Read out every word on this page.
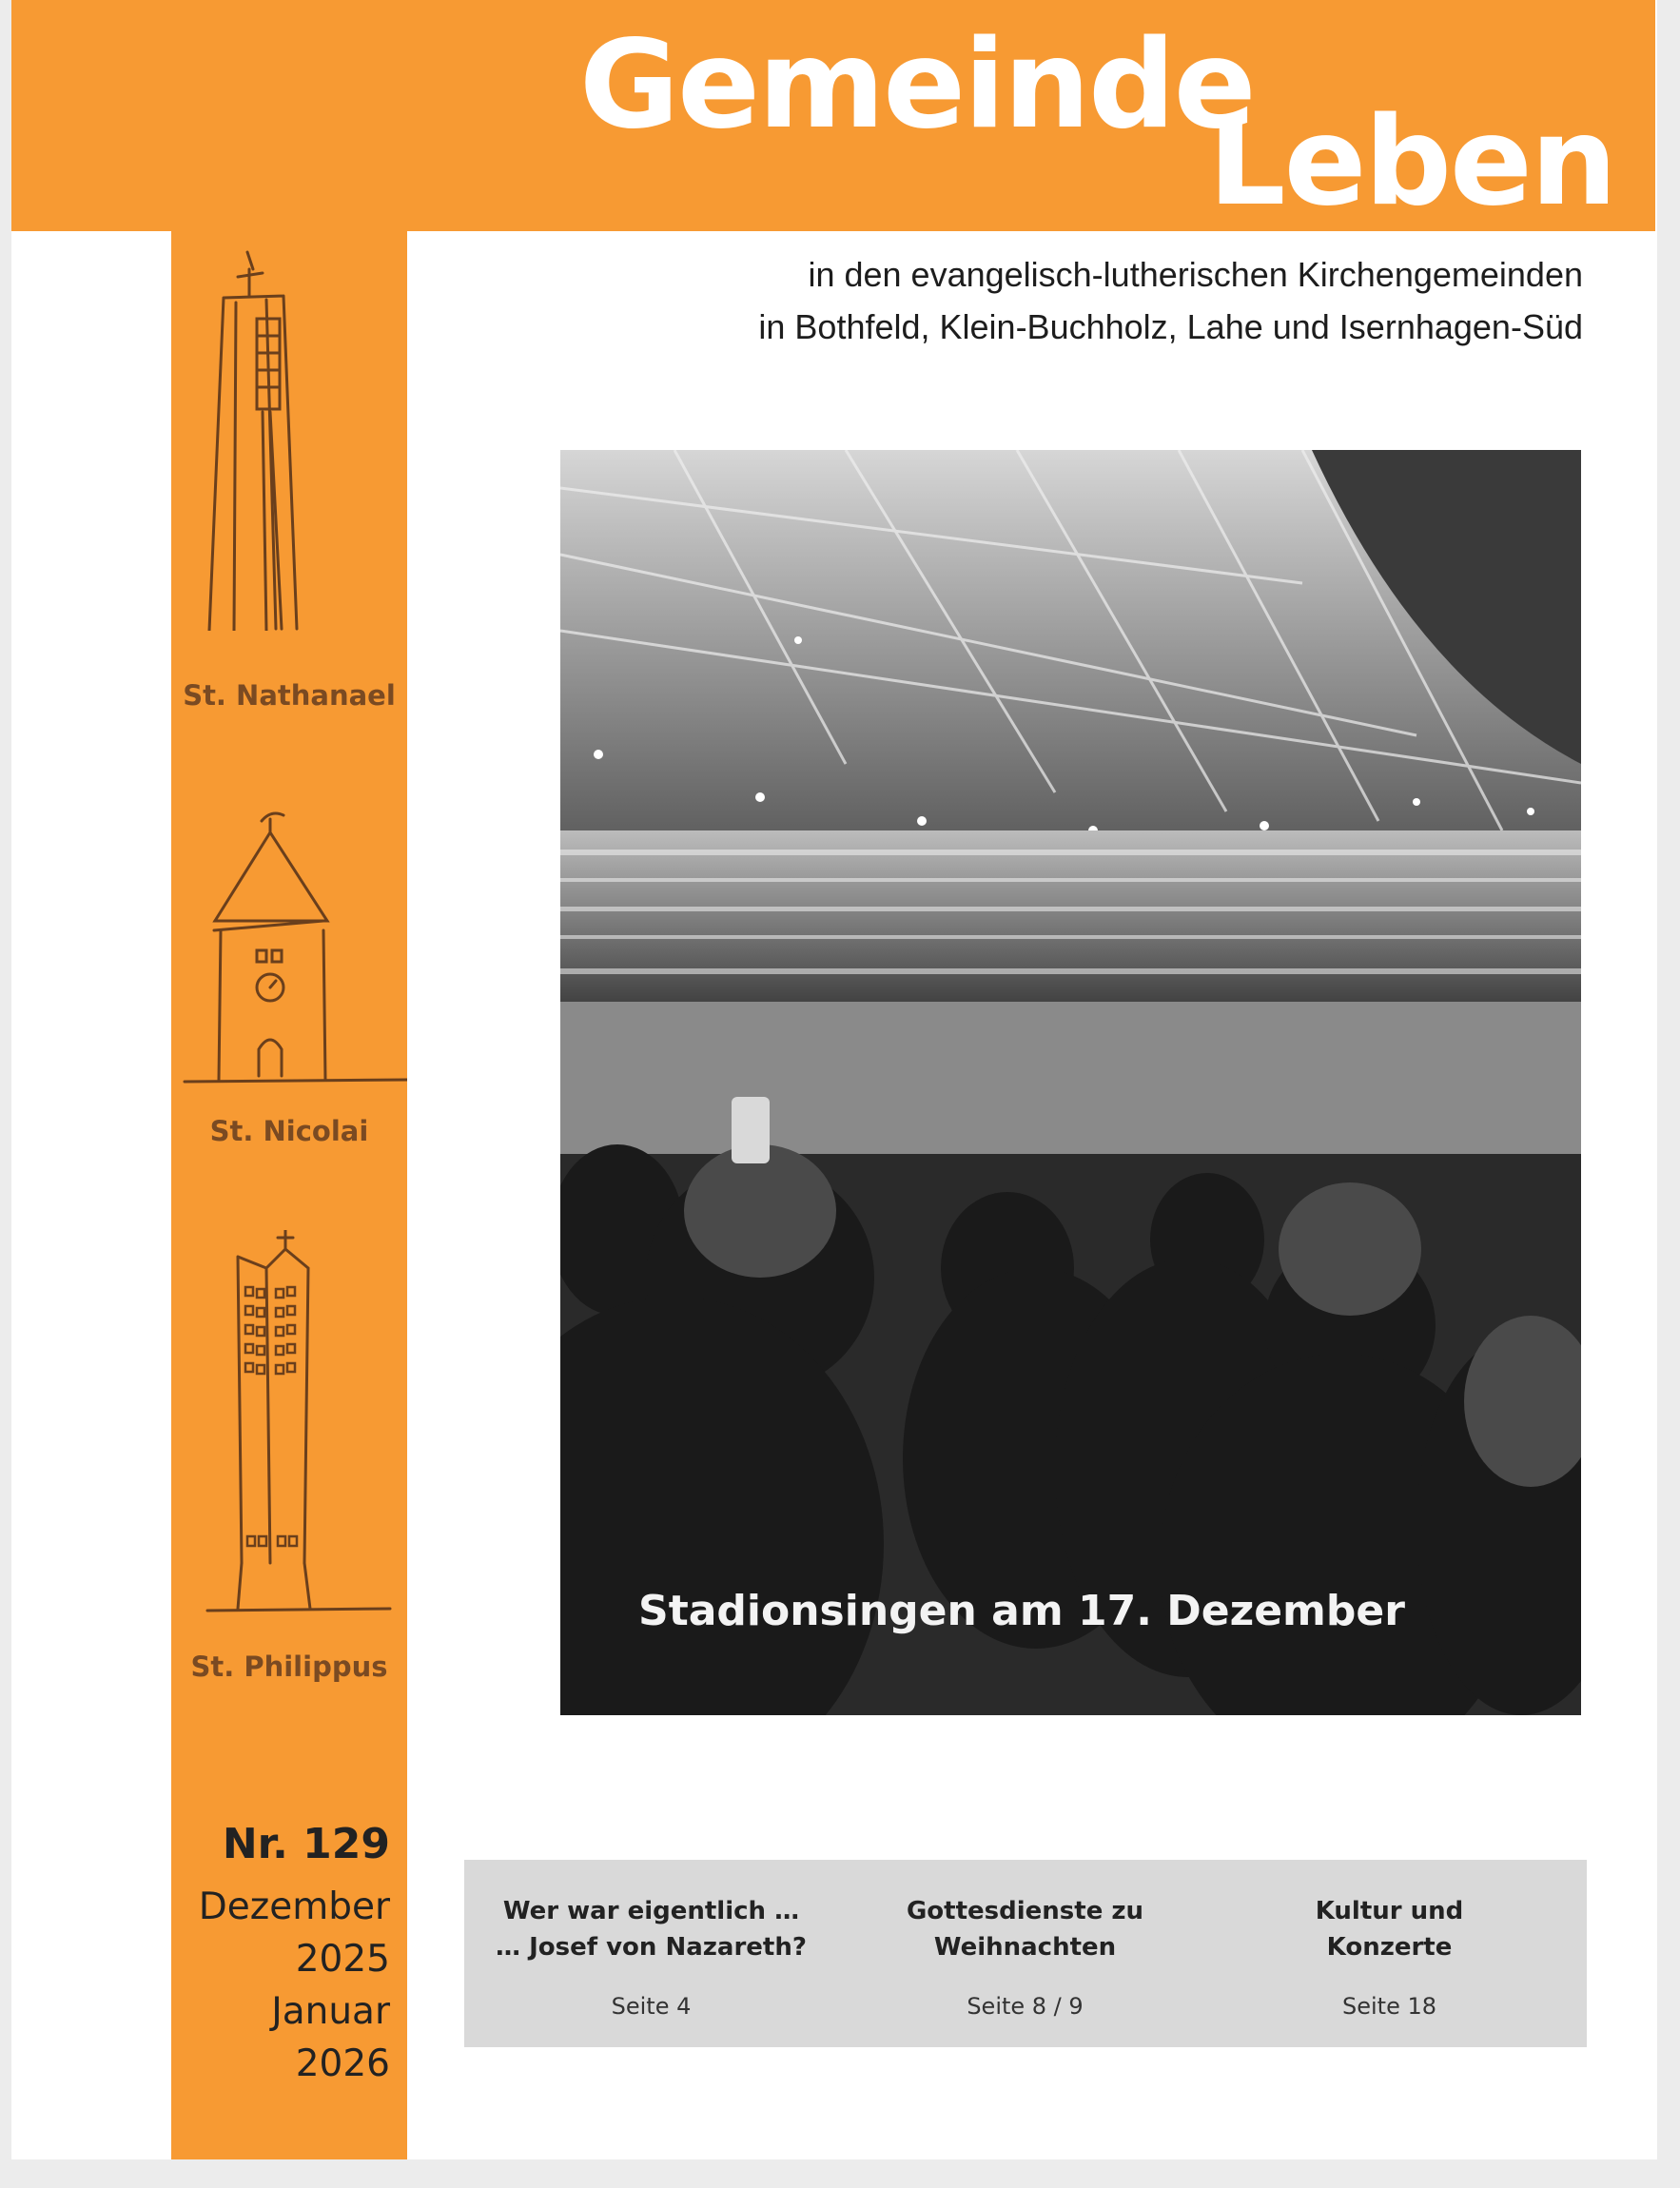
Gemeinde
Leben
St. Nathanael
St. Nicolai
St. Philippus
Nr. 129
Dezember
2025
Januar
2026
in den evangelisch-lutherischen Kirchengemeinden
in Bothfeld, Klein-Buchholz, Lahe und Isernhagen-Süd
Stadionsingen am 17. Dezember
Wer war eigentlich …
… Josef von Nazareth?
Seite 4
Gottesdienste zu
Weihnachten
Seite 8 / 9
Kultur und
Konzerte
Seite 18
